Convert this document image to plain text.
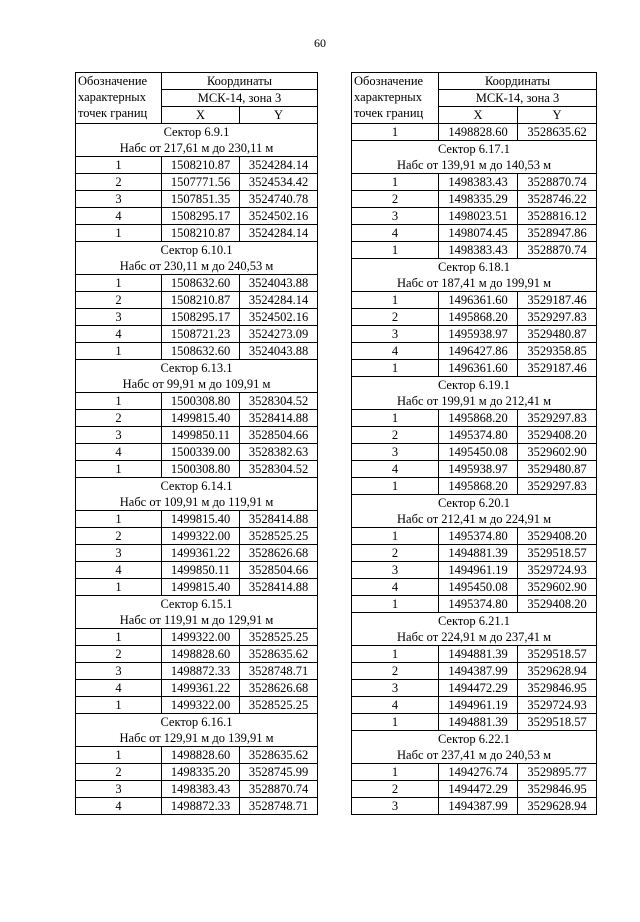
60
Обозначение
характерных
точек границ	Координаты	
	МСК-14, зона 3	
	X	Y
Сектор 6.9.1		
Набс от 217,61 м до 230,11 м		
1	1508210.87	3524284.14
2	1507771.56	3524534.42
3	1507851.35	3524740.78
4	1508295.17	3524502.16
1	1508210.87	3524284.14
Сектор 6.10.1		
Набс от 230,11 м до 240,53 м		
1	1508632.60	3524043.88
2	1508210.87	3524284.14
3	1508295.17	3524502.16
4	1508721.23	3524273.09
1	1508632.60	3524043.88
Сектор 6.13.1		
Набс от 99,91 м до 109,91 м		
1	1500308.80	3528304.52
2	1499815.40	3528414.88
3	1499850.11	3528504.66
4	1500339.00	3528382.63
1	1500308.80	3528304.52
Сектор 6.14.1		
Набс от 109,91 м до 119,91 м		
1	1499815.40	3528414.88
2	1499322.00	3528525.25
3	1499361.22	3528626.68
4	1499850.11	3528504.66
1	1499815.40	3528414.88
Сектор 6.15.1		
Набс от 119,91 м до 129,91 м		
1	1499322.00	3528525.25
2	1498828.60	3528635.62
3	1498872.33	3528748.71
4	1499361.22	3528626.68
1	1499322.00	3528525.25
Сектор 6.16.1		
Набс от 129,91 м до 139,91 м		
1	1498828.60	3528635.62
2	1498335.20	3528745.99
3	1498383.43	3528870.74
4	1498872.33	3528748.71
Обозначение
характерных
точек границ	Координаты	
	МСК-14, зона 3	
	X	Y
1	1498828.60	3528635.62
Сектор 6.17.1		
Набс от 139,91 м до 140,53 м		
1	1498383.43	3528870.74
2	1498335.29	3528746.22
3	1498023.51	3528816.12
4	1498074.45	3528947.86
1	1498383.43	3528870.74
Сектор 6.18.1		
Набс от 187,41 м до 199,91 м		
1	1496361.60	3529187.46
2	1495868.20	3529297.83
3	1495938.97	3529480.87
4	1496427.86	3529358.85
1	1496361.60	3529187.46
Сектор 6.19.1		
Набс от 199,91 м до 212,41 м		
1	1495868.20	3529297.83
2	1495374.80	3529408.20
3	1495450.08	3529602.90
4	1495938.97	3529480.87
1	1495868.20	3529297.83
Сектор 6.20.1		
Набс от 212,41 м до 224,91 м		
1	1495374.80	3529408.20
2	1494881.39	3529518.57
3	1494961.19	3529724.93
4	1495450.08	3529602.90
1	1495374.80	3529408.20
Сектор 6.21.1		
Набс от 224,91 м до 237,41 м		
1	1494881.39	3529518.57
2	1494387.99	3529628.94
3	1494472.29	3529846.95
4	1494961.19	3529724.93
1	1494881.39	3529518.57
Сектор 6.22.1		
Набс от 237,41 м до 240,53 м		
1	1494276.74	3529895.77
2	1494472.29	3529846.95
3	1494387.99	3529628.94
